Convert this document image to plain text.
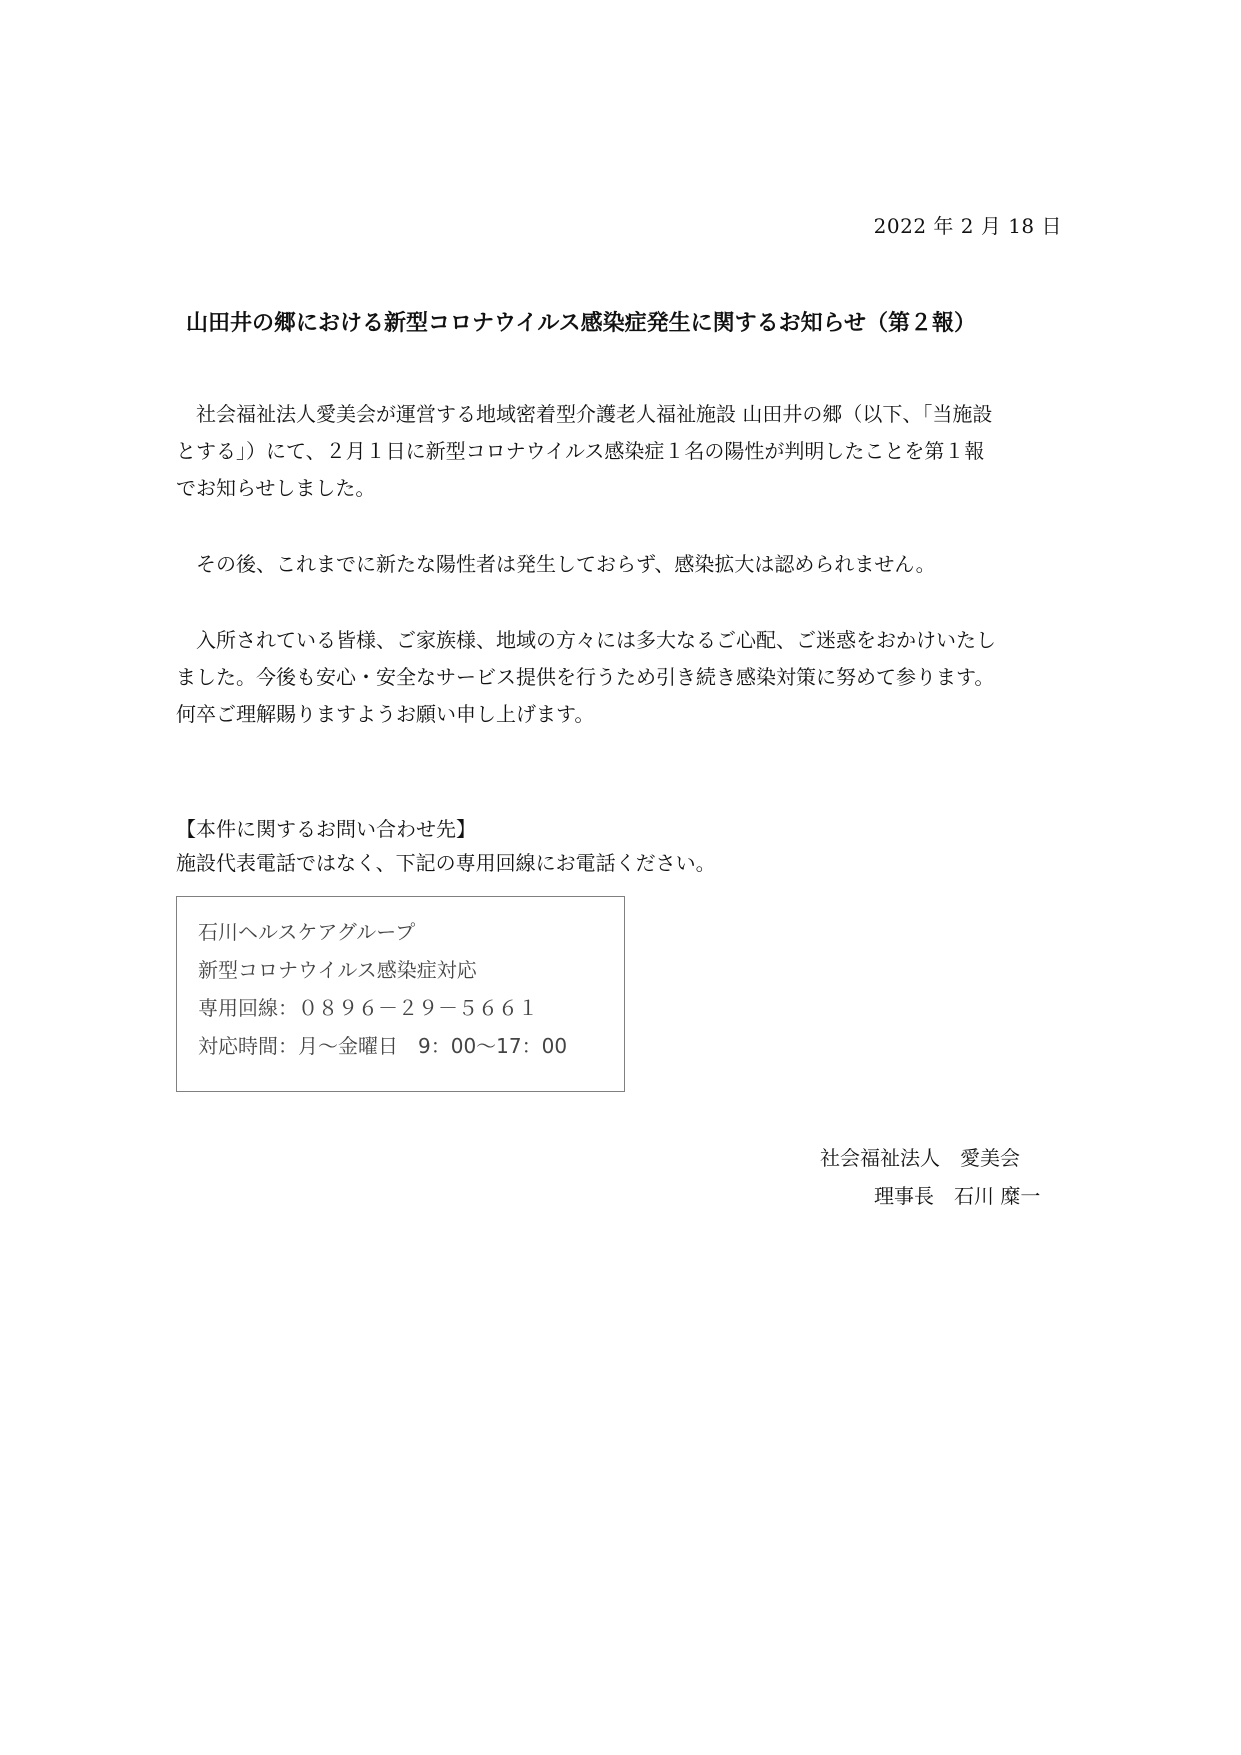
2022 年 2 月 18 日
山田井の郷における新型コロナウイルス感染症発生に関するお知らせ（第２報）
　社会福祉法人愛美会が運営する地域密着型介護老人福祉施設 山田井の郷（以下、「当施設
とする」）にて、２月１日に新型コロナウイルス感染症１名の陽性が判明したことを第１報
でお知らせしました。
　その後、これまでに新たな陽性者は発生しておらず、感染拡大は認められません。
　入所されている皆様、ご家族様、地域の方々には多大なるご心配、ご迷惑をおかけいたし
ました。今後も安心・安全なサービス提供を行うため引き続き感染対策に努めて参ります。
何卒ご理解賜りますようお願い申し上げます。
【本件に関するお問い合わせ先】
施設代表電話ではなく、下記の専用回線にお電話ください。
石川ヘルスケアグループ
新型コロナウイルス感染症対応
専用回線：０８９６－２９－５６６１
対応時間：月～金曜日　9：00～17：00
社会福祉法人　愛美会
理事長　石川 糜一
